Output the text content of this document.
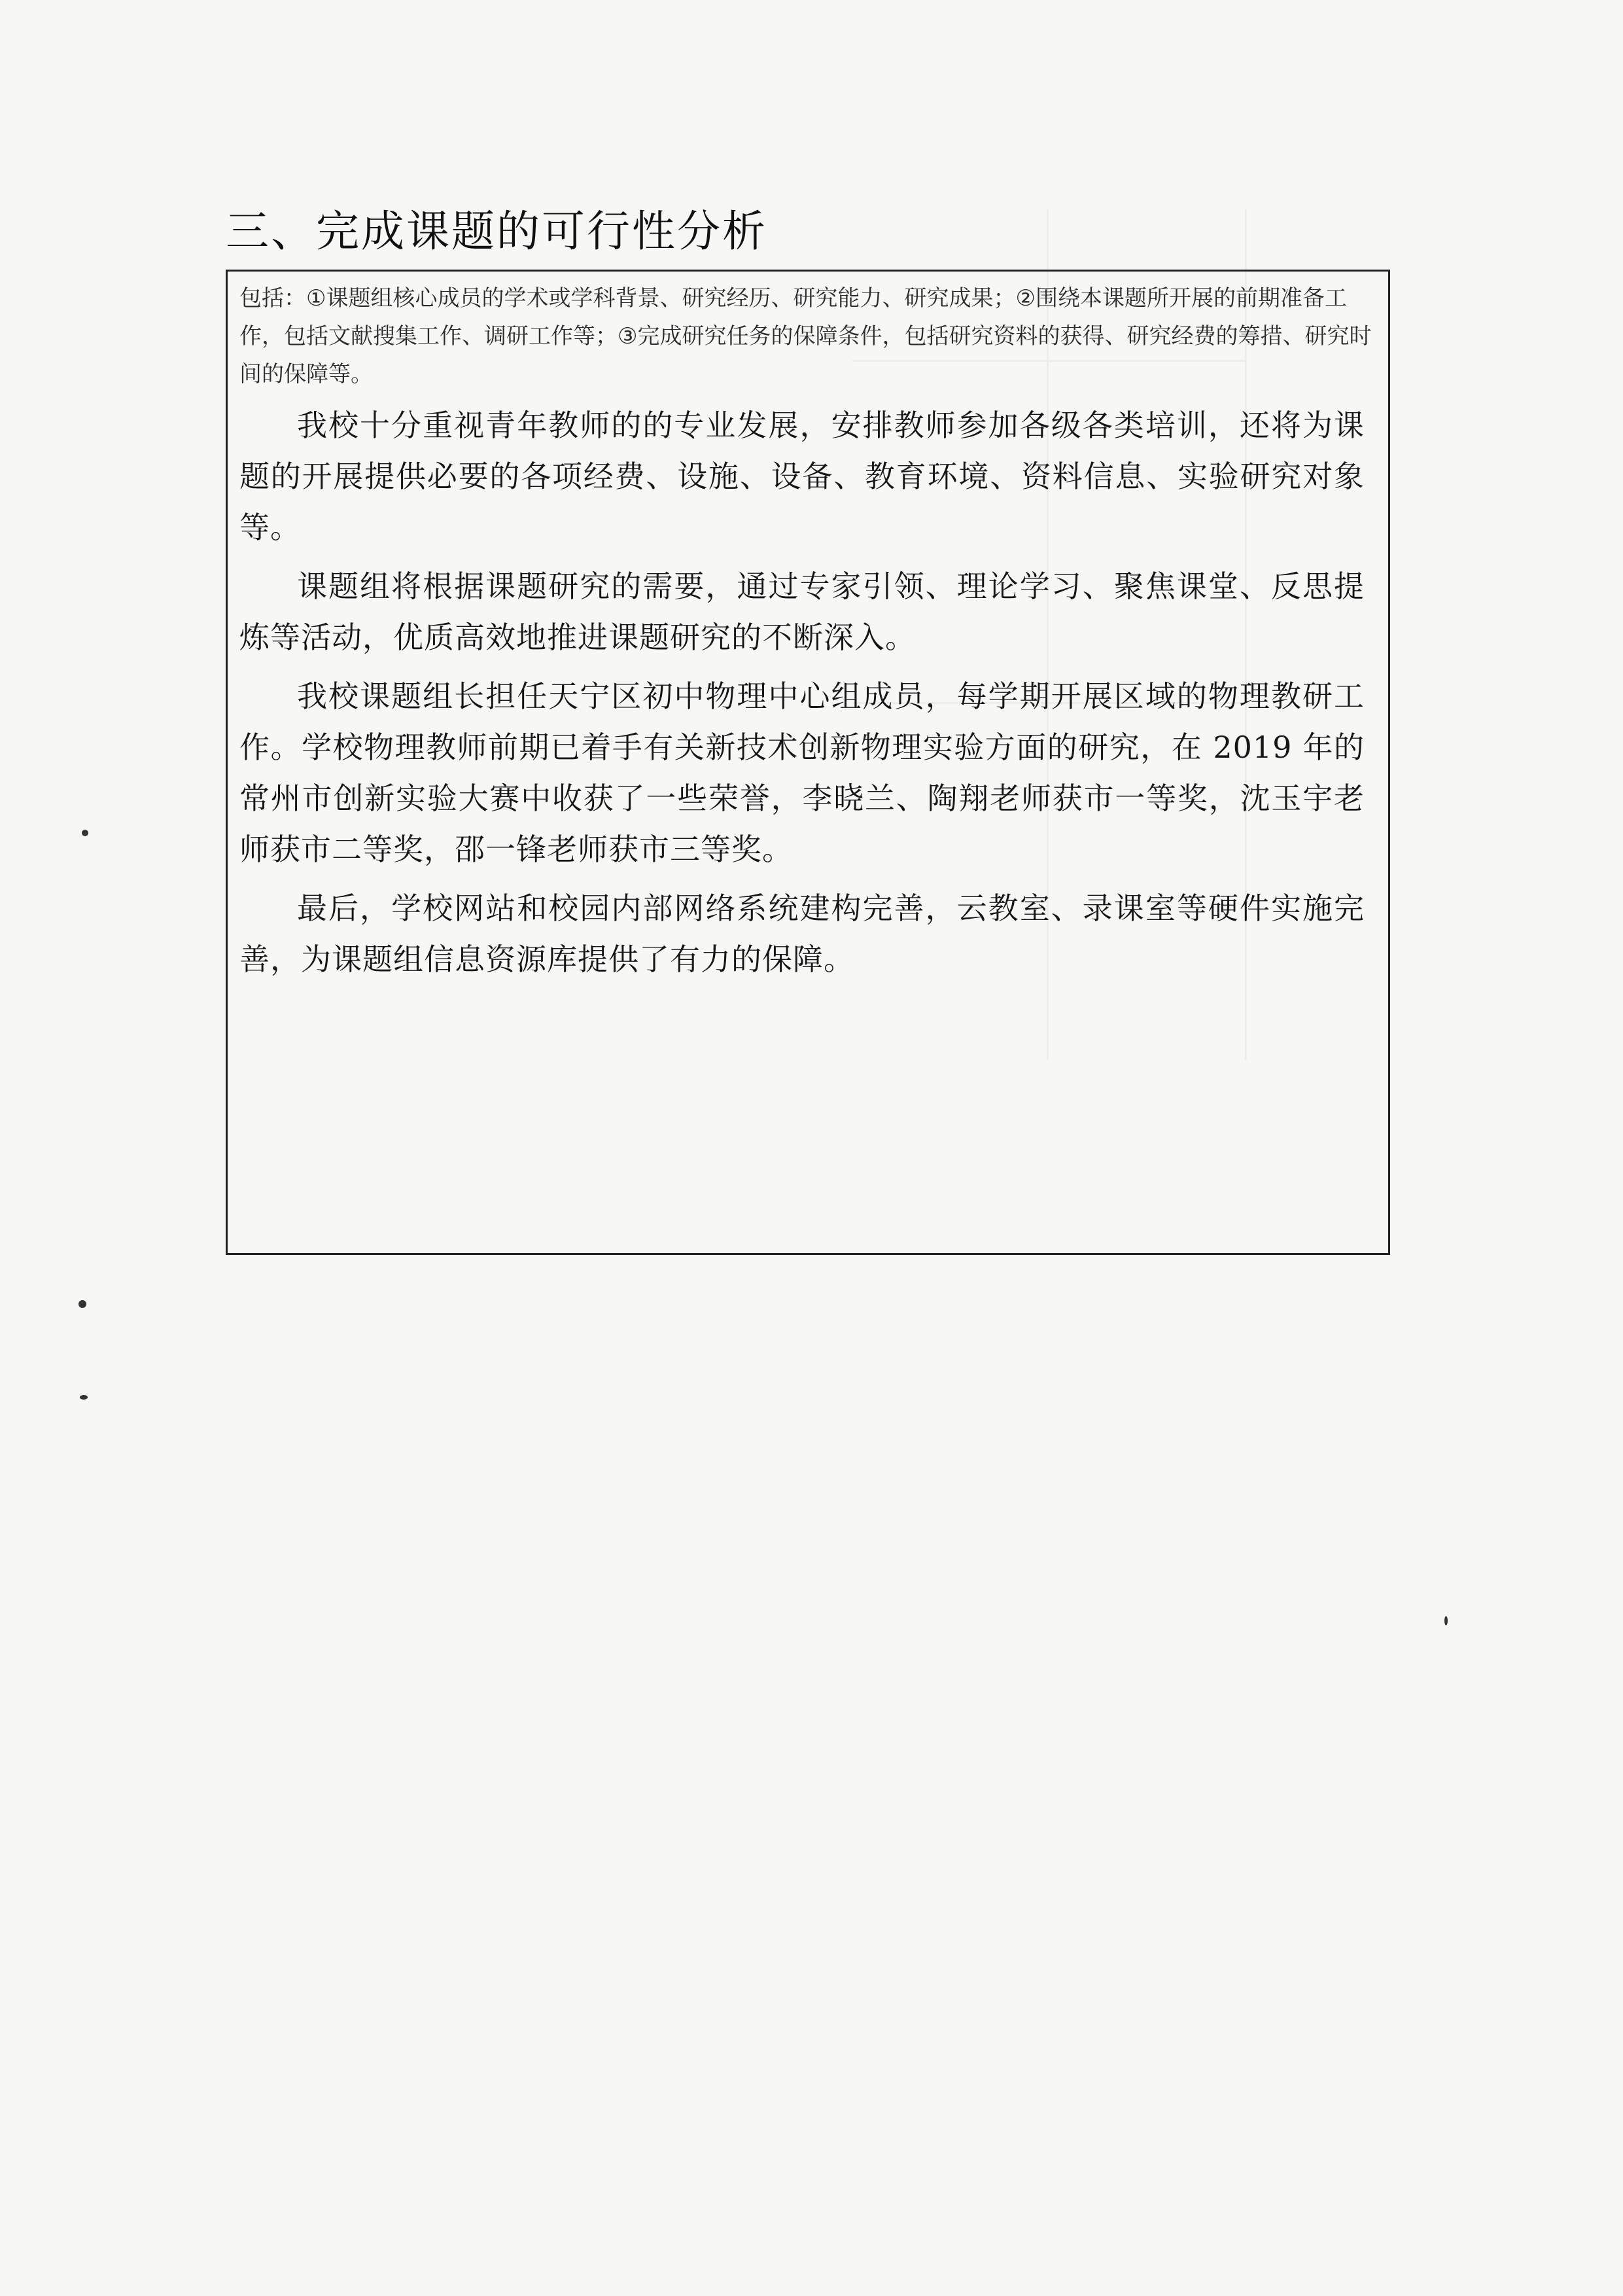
三、完成课题的可行性分析
包括：①课题组核心成员的学术或学科背景、研究经历、研究能力、研究成果；②围绕本课题所开展的前期准备工作，包括文献搜集工作、调研工作等；③完成研究任务的保障条件，包括研究资料的获得、研究经费的筹措、研究时间的保障等。

我校十分重视青年教师的的专业发展，安排教师参加各级各类培训，还将为课题的开展提供必要的各项经费、设施、设备、教育环境、资料信息、实验研究对象等。

课题组将根据课题研究的需要，通过专家引领、理论学习、聚焦课堂、反思提炼等活动，优质高效地推进课题研究的不断深入。

我校课题组长担任天宁区初中物理中心组成员，每学期开展区域的物理教研工作。学校物理教师前期已着手有关新技术创新物理实验方面的研究，在 2019 年的常州市创新实验大赛中收获了一些荣誉，李晓兰、陶翔老师获市一等奖，沈玉宇老师获市二等奖，邵一锋老师获市三等奖。

最后，学校网站和校园内部网络系统建构完善，云教室、录课室等硬件实施完善，为课题组信息资源库提供了有力的保障。
